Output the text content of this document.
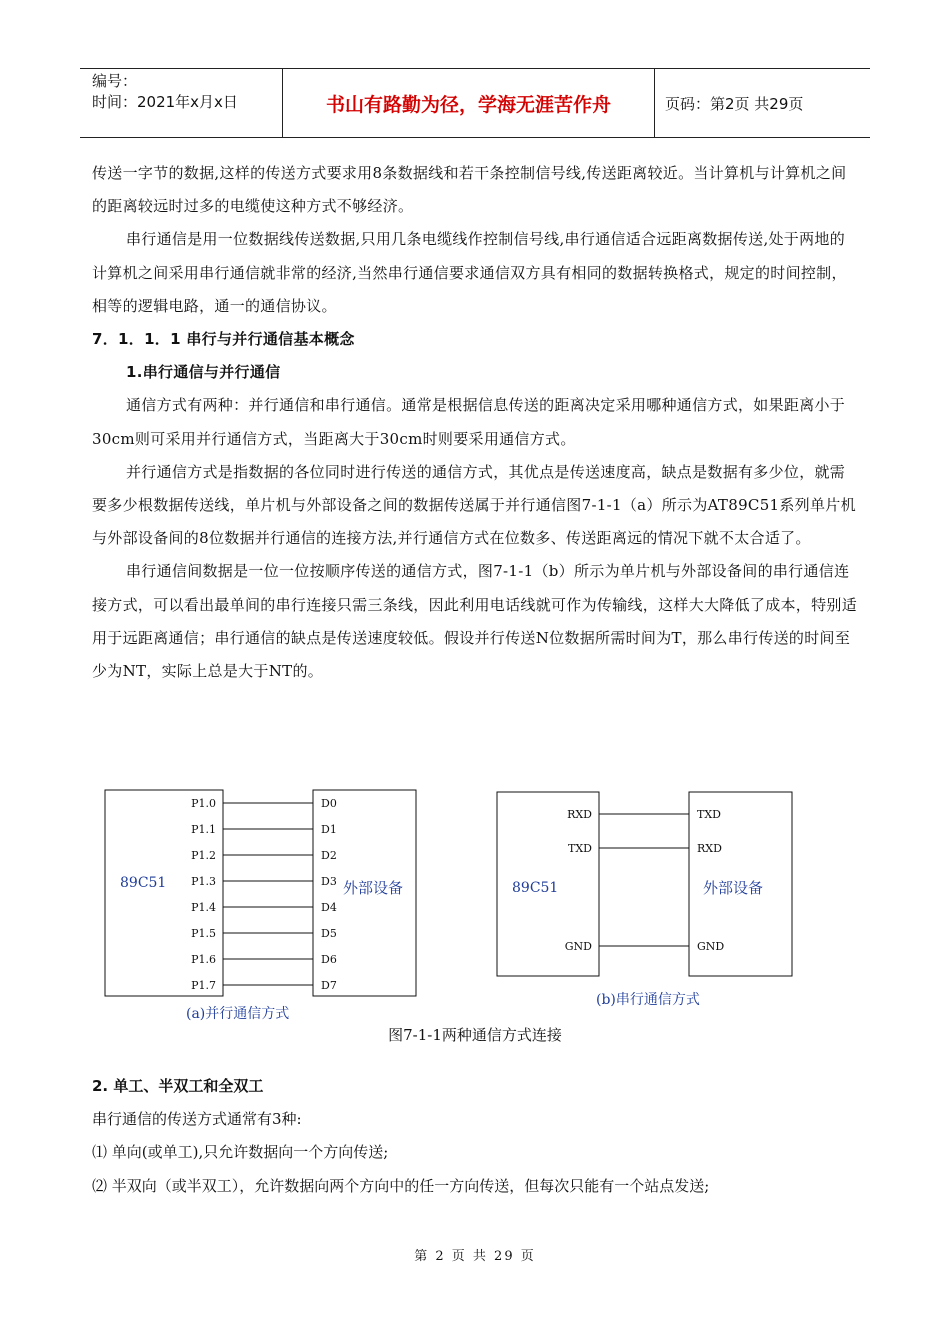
编号：
时间：2021年x月x日	书山有路勤为径，学海无涯苦作舟	页码：第2页 共29页

传送一字节的数据,这样的传送方式要求用8条数据线和若干条控制信号线,传送距离较近。当计算机与计算机之间的距离较远时过多的电缆使这种方式不够经济。

串行通信是用一位数据线传送数据,只用几条电缆线作控制信号线,串行通信适合远距离数据传送,处于两地的计算机之间采用串行通信就非常的经济,当然串行通信要求通信双方具有相同的数据转换格式，规定的时间控制，相等的逻辑电路，通一的通信协议。

7．1．1．1 串行与并行通信基本概念

1.串行通信与并行通信

通信方式有两种：并行通信和串行通信。通常是根据信息传送的距离决定采用哪种通信方式，如果距离小于30cm则可采用并行通信方式，当距离大于30cm时则要采用通信方式。

并行通信方式是指数据的各位同时进行传送的通信方式，其优点是传送速度高，缺点是数据有多少位，就需要多少根数据传送线，单片机与外部设备之间的数据传送属于并行通信图7-1-1（a）所示为AT89C51系列单片机与外部设备间的8位数据并行通信的连接方法,并行通信方式在位数多、传送距离远的情况下就不太合适了。

串行通信间数据是一位一位按顺序传送的通信方式，图7-1-1（b）所示为单片机与外部设备间的串行通信连接方式，可以看出最单间的串行连接只需三条线，因此利用电话线就可作为传输线，这样大大降低了成本，特别适用于远距离通信；串行通信的缺点是传送速度较低。假设并行传送N位数据所需时间为T，那么串行传送的时间至少为NT，实际上总是大于NT的。

89C51	外部设备
P1.0	D0
P1.1	D1
P1.2	D2
P1.3	D3
P1.4	D4
P1.5	D5
P1.6	D6
P1.7	D7
(a)并行通信方式
89C51	外部设备
RXD	TXD
TXD	RXD
GND	GND
(b)串行通信方式
图7-1-1两种通信方式连接

2. 单工、半双工和全双工

串行通信的传送方式通常有3种:

⑴ 单向(或单工),只允许数据向一个方向传送;

⑵ 半双向（或半双工），允许数据向两个方向中的任一方向传送，但每次只能有一个站点发送;

第 2 页 共 29 页
